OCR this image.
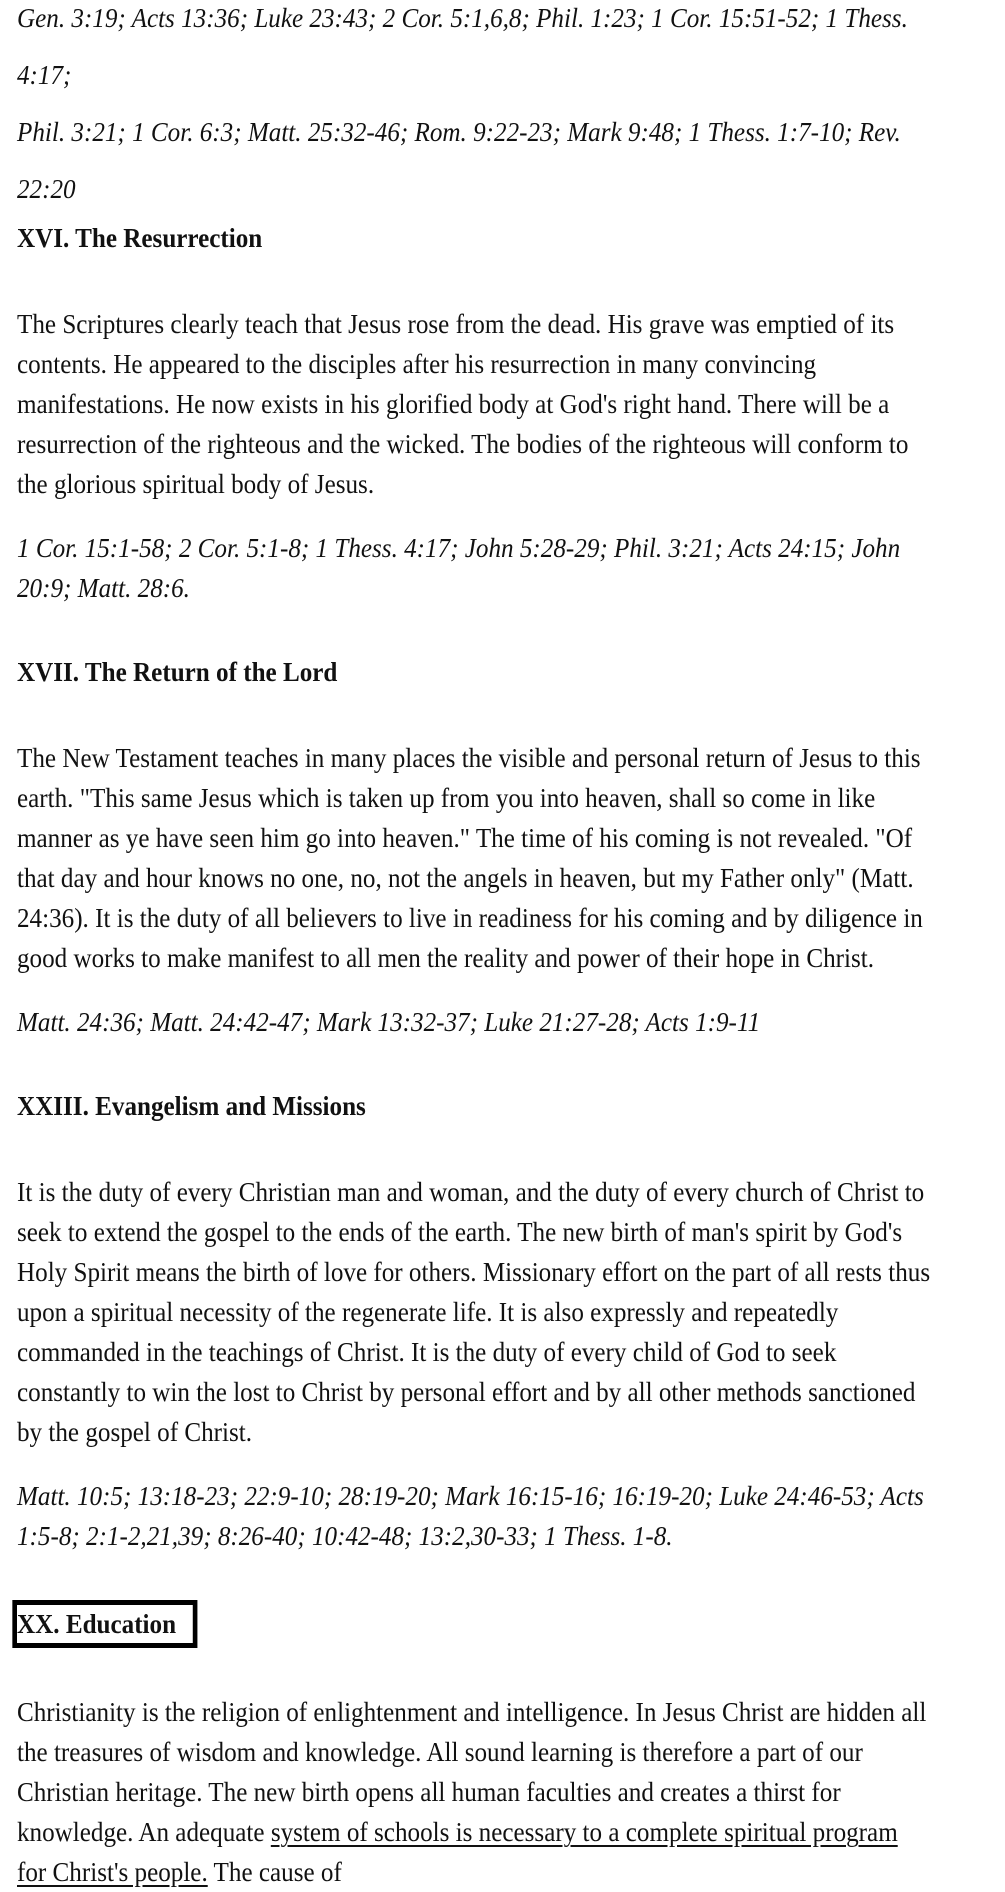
Gen. 3:19; Acts 13:36; Luke 23:43; 2 Cor. 5:1,6,8; Phil. 1:23; 1 Cor. 15:51-52; 1 Thess. 4:17;
Phil. 3:21; 1 Cor. 6:3; Matt. 25:32-46; Rom. 9:22-23; Mark 9:48; 1 Thess. 1:7-10; Rev. 22:20

XVI. The Resurrection

The Scriptures clearly teach that Jesus rose from the dead. His grave was emptied of its contents. He appeared to the disciples after his resurrection in many convincing manifestations. He now exists in his glorified body at God's right hand. There will be a resurrection of the righteous and the wicked. The bodies of the righteous will conform to the glorious spiritual body of Jesus.

1 Cor. 15:1-58; 2 Cor. 5:1-8; 1 Thess. 4:17; John 5:28-29; Phil. 3:21; Acts 24:15; John 20:9; Matt. 28:6.

XVII. The Return of the Lord

The New Testament teaches in many places the visible and personal return of Jesus to this earth. "This same Jesus which is taken up from you into heaven, shall so come in like manner as ye have seen him go into heaven." The time of his coming is not revealed. "Of that day and hour knows no one, no, not the angels in heaven, but my Father only" (Matt. 24:36). It is the duty of all believers to live in readiness for his coming and by diligence in good works to make manifest to all men the reality and power of their hope in Christ.

Matt. 24:36; Matt. 24:42-47; Mark 13:32-37; Luke 21:27-28; Acts 1:9-11

XXIII. Evangelism and Missions

It is the duty of every Christian man and woman, and the duty of every church of Christ to seek to extend the gospel to the ends of the earth. The new birth of man's spirit by God's Holy Spirit means the birth of love for others. Missionary effort on the part of all rests thus upon a spiritual necessity of the regenerate life. It is also expressly and repeatedly commanded in the teachings of Christ. It is the duty of every child of God to seek constantly to win the lost to Christ by personal effort and by all other methods sanctioned by the gospel of Christ.

Matt. 10:5; 13:18-23; 22:9-10; 28:19-20; Mark 16:15-16; 16:19-20; Luke 24:46-53; Acts 1:5-8; 2:1-2,21,39; 8:26-40; 10:42-48; 13:2,30-33; 1 Thess. 1-8.

XX. Education

Christianity is the religion of enlightenment and intelligence. In Jesus Christ are hidden all the treasures of wisdom and knowledge. All sound learning is therefore a part of our Christian heritage. The new birth opens all human faculties and creates a thirst for knowledge. An adequate system of schools is necessary to a complete spiritual program for Christ's people. The cause of
